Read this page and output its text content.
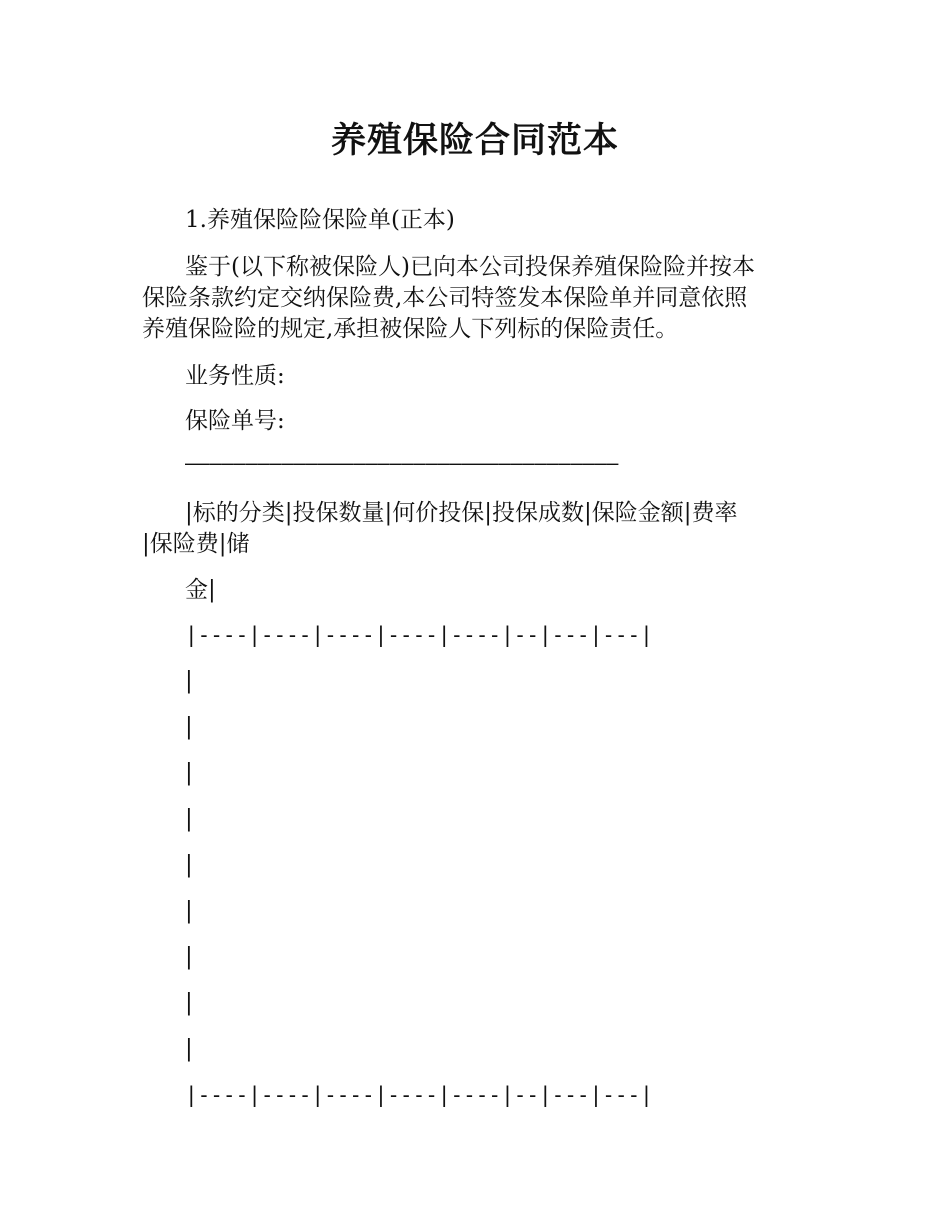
养殖保险合同范本
1.养殖保险险保险单(正本)
鉴于(以下称被保险人)已向本公司投保养殖保险险并按本
保险条款约定交纳保险费,本公司特签发本保险单并同意依照
养殖保险险的规定,承担被保险人下列标的保险责任。
业务性质:
保险单号:
————————————————————————————————————
|标的分类|投保数量|何价投保|投保成数|保险金额|费率
|保险费|储
金|
|----|----|----|----|----|--|---|---|
|
|
|
|
|
|
|
|
|
|----|----|----|----|----|--|---|---|
